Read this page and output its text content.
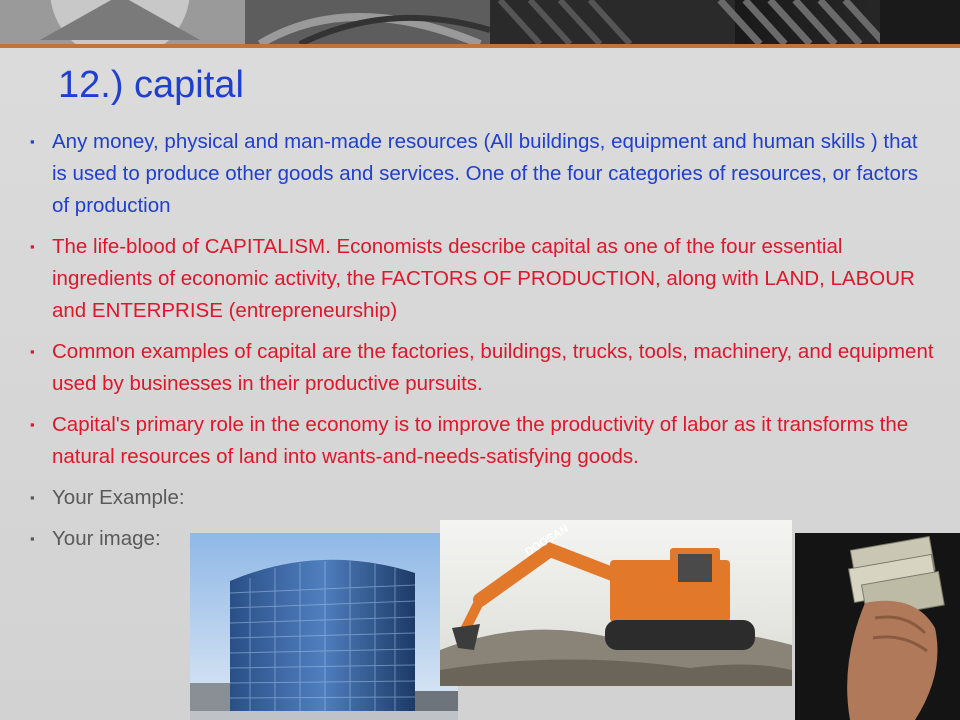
12.) capital
▪ Any money, physical and man-made resources (All buildings, equipment and human skills ) that is used to produce other goods and services. One of the four categories of resources, or factors of production
▪ The life-blood of CAPITALISM. Economists describe capital as one of the four essential ingredients of economic activity, the FACTORS OF PRODUCTION, along with LAND, LABOUR and ENTERPRISE (entrepreneurship)
▪ Common examples of capital are the factories, buildings, trucks, tools, machinery, and equipment used by businesses in their productive pursuits.
▪ Capital's primary role in the economy is to improve the productivity of labor as it transforms the natural resources of land into wants-and-needs-satisfying goods.
▪ Your Example:
▪ Your image:	DOOSAN
